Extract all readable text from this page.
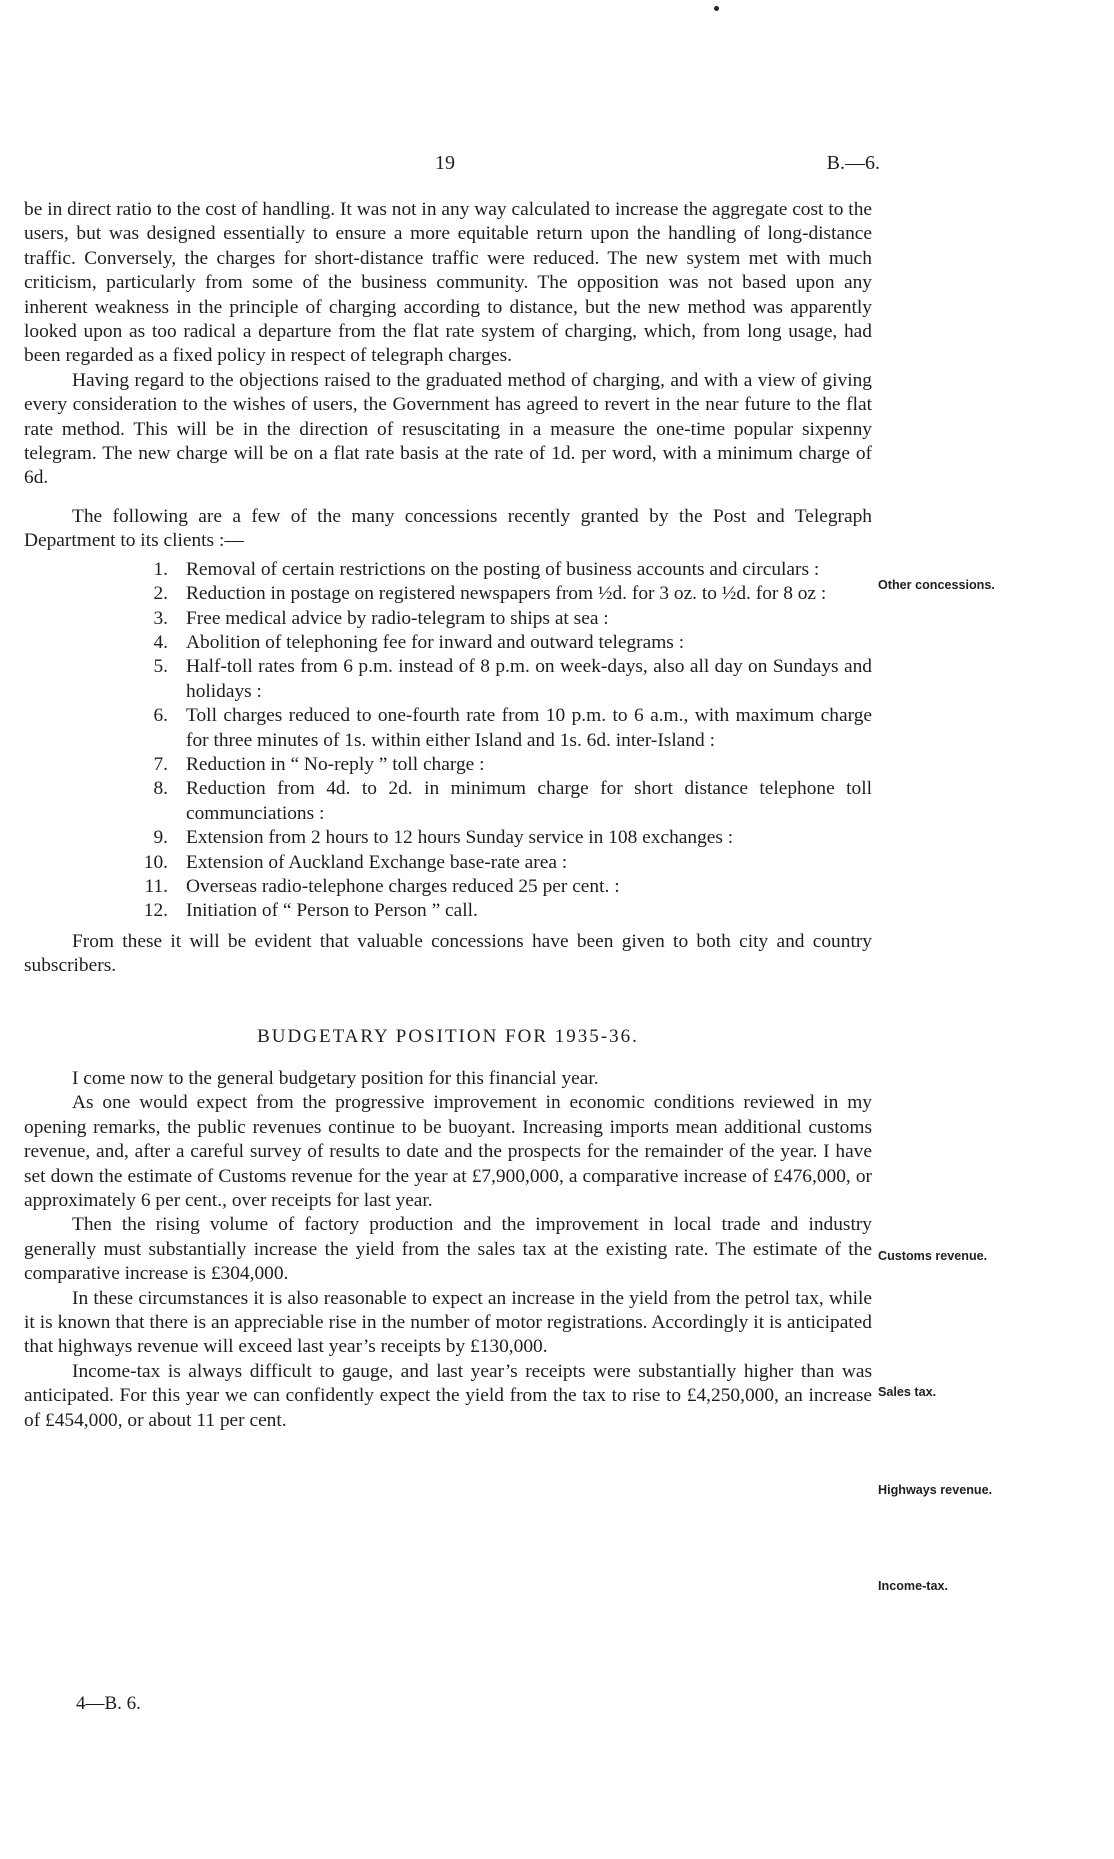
19	B.—6.

be in direct ratio to the cost of handling. It was not in any way calculated to increase the aggregate cost to the users, but was designed essentially to ensure a more equitable return upon the handling of long-distance traffic. Conversely, the charges for short-distance traffic were reduced. The new system met with much criticism, particularly from some of the business community. The opposition was not based upon any inherent weakness in the principle of charging according to distance, but the new method was apparently looked upon as too radical a departure from the flat rate system of charging, which, from long usage, had been regarded as a fixed policy in respect of telegraph charges.

Having regard to the objections raised to the graduated method of charging, and with a view of giving every consideration to the wishes of users, the Government has agreed to revert in the near future to the flat rate method. This will be in the direction of resuscitating in a measure the one-time popular sixpenny telegram. The new charge will be on a flat rate basis at the rate of 1d. per word, with a minimum charge of 6d.

The following are a few of the many concessions recently granted by the Post and Telegraph Department to its clients :—

1. Removal of certain restrictions on the posting of business accounts and circulars :
2. Reduction in postage on registered newspapers from ½d. for 3 oz. to ½d. for 8 oz :
3. Free medical advice by radio-telegram to ships at sea :
4. Abolition of telephoning fee for inward and outward telegrams :
5. Half-toll rates from 6 p.m. instead of 8 p.m. on week-days, also all day on Sundays and holidays :
6. Toll charges reduced to one-fourth rate from 10 p.m. to 6 a.m., with maximum charge for three minutes of 1s. within either Island and 1s. 6d. inter-Island :
7. Reduction in “ No-reply ” toll charge :
8. Reduction from 4d. to 2d. in minimum charge for short distance telephone toll communciations :
9. Extension from 2 hours to 12 hours Sunday service in 108 exchanges :
10. Extension of Auckland Exchange base-rate area :
11. Overseas radio-telephone charges reduced 25 per cent. :
12. Initiation of “ Person to Person ” call.

From these it will be evident that valuable concessions have been given to both city and country subscribers.

BUDGETARY POSITION FOR 1935-36.

I come now to the general budgetary position for this financial year.

As one would expect from the progressive improvement in economic conditions reviewed in my opening remarks, the public revenues continue to be buoyant. Increasing imports mean additional customs revenue, and, after a careful survey of results to date and the prospects for the remainder of the year. I have set down the estimate of Customs revenue for the year at £7,900,000, a comparative increase of £476,000, or approximately 6 per cent., over receipts for last year.

Then the rising volume of factory production and the improvement in local trade and industry generally must substantially increase the yield from the sales tax at the existing rate. The estimate of the comparative increase is £304,000.

In these circumstances it is also reasonable to expect an increase in the yield from the petrol tax, while it is known that there is an appreciable rise in the number of motor registrations. Accordingly it is anticipated that highways revenue will exceed last year’s receipts by £130,000.

Income-tax is always difficult to gauge, and last year’s receipts were substantially higher than was anticipated. For this year we can confidently expect the yield from the tax to rise to £4,250,000, an increase of £454,000, or about 11 per cent.

Other concessions.
Customs revenue.
Sales tax.
Highways revenue.
Income-tax.
4—B. 6.
